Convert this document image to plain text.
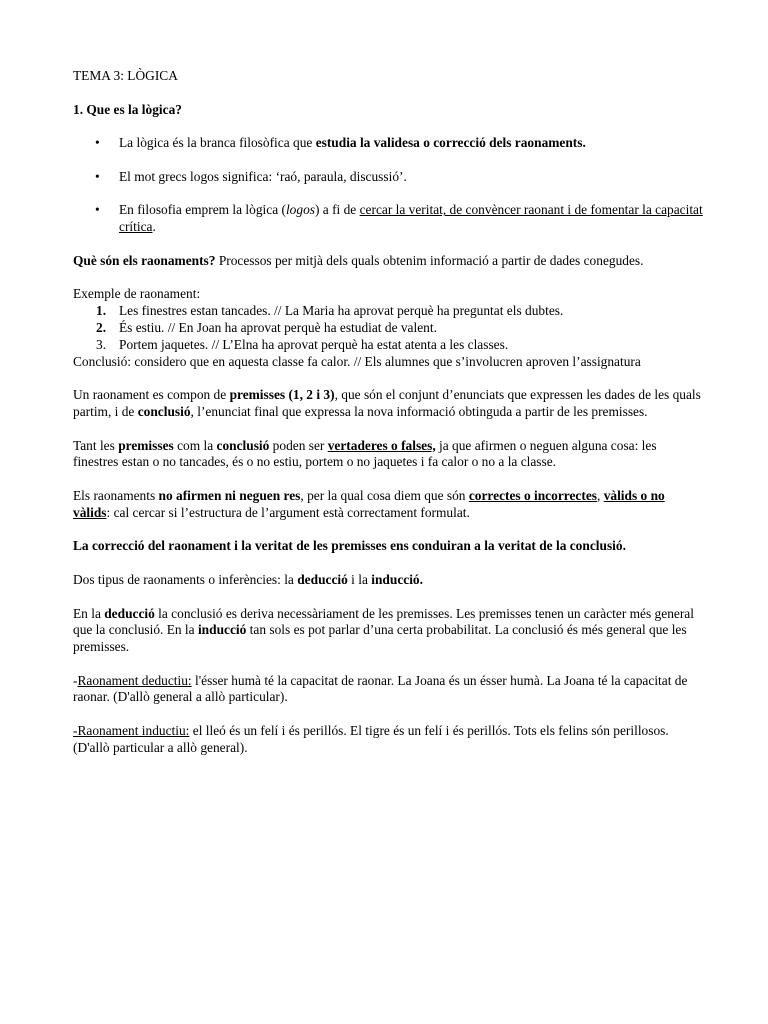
TEMA 3: LÒGICA

1. Que es la lògica?

• La lògica és la branca filosòfica que estudia la validesa o correcció dels raonaments.
• El mot grecs logos significa: ‘raó, paraula, discussió’.
• En filosofia emprem la lògica (logos) a fi de cercar la veritat, de convèncer raonant i de fomentar la capacitat crítica.

Què són els raonaments? Processos per mitjà dels quals obtenim informació a partir de dades conegudes.

Exemple de raonament:

1. Les finestres estan tancades. // La Maria ha aprovat perquè ha preguntat els dubtes.
2. És estiu. // En Joan ha aprovat perquè ha estudiat de valent.
3. Portem jaquetes. // L’Elna ha aprovat perquè ha estat atenta a les classes.

Conclusió: considero que en aquesta classe fa calor. // Els alumnes que s’involucren aproven l’assignatura

Un raonament es compon de premisses (1, 2 i 3), que són el conjunt d’enunciats que expressen les dades de les quals partim, i de conclusió, l’enunciat final que expressa la nova informació obtinguda a partir de les premisses.

Tant les premisses com la conclusió poden ser vertaderes o falses, ja que afirmen o neguen alguna cosa: les finestres estan o no tancades, és o no estiu, portem o no jaquetes i fa calor o no a la classe.

Els raonaments no afirmen ni neguen res, per la qual cosa diem que són correctes o incorrectes, vàlids o no vàlids: cal cercar si l’estructura de l’argument està correctament formulat.

La correcció del raonament i la veritat de les premisses ens conduiran a la veritat de la conclusió.

Dos tipus de raonaments o inferències: la deducció i la inducció.

En la deducció la conclusió es deriva necessàriament de les premisses. Les premisses tenen un caràcter més general que la conclusió. En la inducció tan sols es pot parlar d’una certa probabilitat. La conclusió és més general que les premisses.

-Raonament deductiu: l'ésser humà té la capacitat de raonar. La Joana és un ésser humà. La Joana té la capacitat de raonar. (D'allò general a allò particular).

-Raonament inductiu: el lleó és un felí i és perillós. El tigre és un felí i és perillós. Tots els felins són perillosos. (D'allò particular a allò general).
